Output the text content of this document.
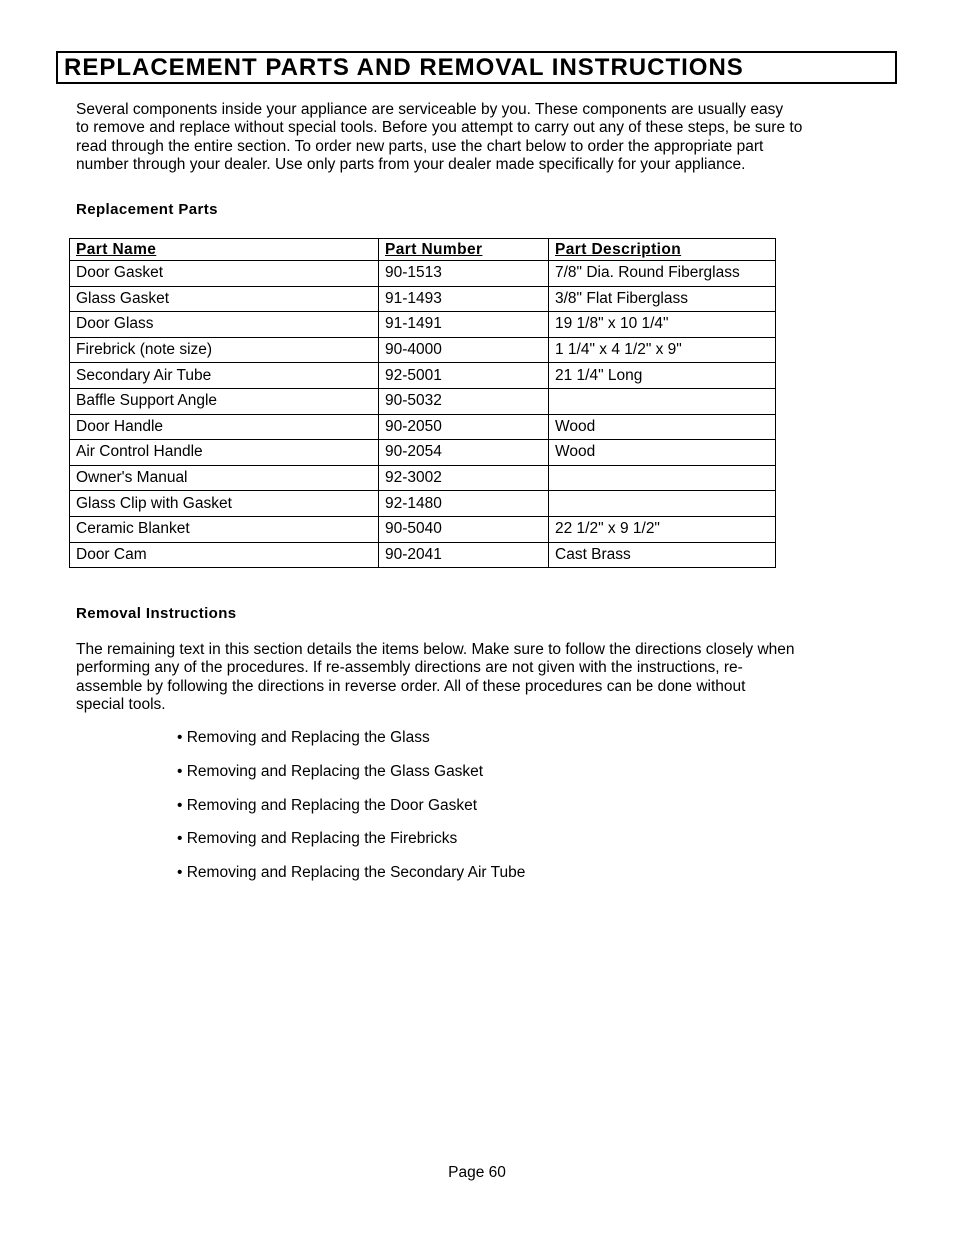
REPLACEMENT PARTS AND REMOVAL INSTRUCTIONS
Several components inside your appliance are serviceable by you. These components are usually easy
to remove and replace without special tools. Before you attempt to carry out any of these steps, be sure to
read through the entire section. To order new parts, use the chart below to order the appropriate part
number through your dealer. Use only parts from your dealer made specifically for your appliance.
Replacement Parts
Part Name	Part Number	Part Description
Door Gasket	90-1513	7/8" Dia. Round Fiberglass
Glass Gasket	91-1493	3/8" Flat Fiberglass
Door Glass	91-1491	19 1/8" x 10 1/4"
Firebrick (note size)	90-4000	1 1/4" x 4 1/2" x 9"
Secondary Air Tube	92-5001	21 1/4" Long
Baffle Support Angle	90-5032	
Door Handle	90-2050	Wood
Air Control Handle	90-2054	Wood
Owner's Manual	92-3002	
Glass Clip with Gasket	92-1480	
Ceramic Blanket	90-5040	22 1/2" x 9 1/2"
Door Cam	90-2041	Cast Brass
Removal Instructions
The remaining text in this section details the items below. Make sure to follow the directions closely when
performing any of the procedures. If re-assembly directions are not given with the instructions, re-
assemble by following the directions in reverse order. All of these procedures can be done without
special tools.
• Removing and Replacing the Glass
• Removing and Replacing the Glass Gasket
• Removing and Replacing the Door Gasket
• Removing and Replacing the Firebricks
• Removing and Replacing the Secondary Air Tube
Page 60
